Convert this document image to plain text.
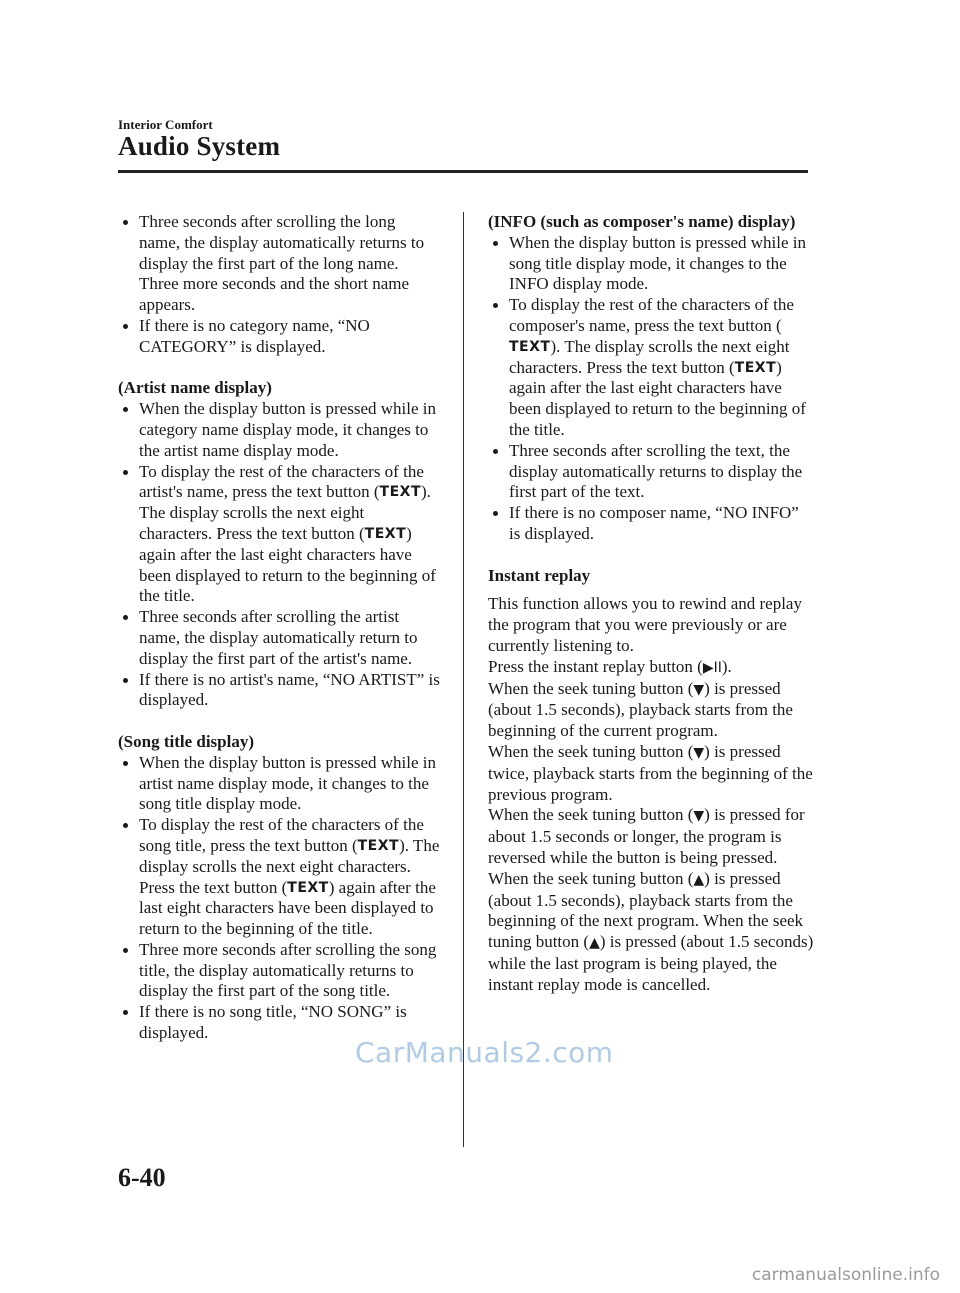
Interior Comfort
Audio System
Three seconds after scrolling the long name, the display automatically returns to display the first part of the long name. Three more seconds and the short name appears.
If there is no category name, “NO CATEGORY” is displayed.
(Artist name display)
When the display button is pressed while in category name display mode, it changes to the artist name display mode.
To display the rest of the characters of the artist's name, press the text button (TEXT). The display scrolls the next eight characters. Press the text button (TEXT) again after the last eight characters have been displayed to return to the beginning of the title.
Three seconds after scrolling the artist name, the display automatically return to display the first part of the artist's name.
If there is no artist's name, “NO ARTIST” is displayed.
(Song title display)
When the display button is pressed while in artist name display mode, it changes to the song title display mode.
To display the rest of the characters of the song title, press the text button (TEXT). The display scrolls the next eight characters. Press the text button (TEXT) again after the last eight characters have been displayed to return to the beginning of the title.
Three more seconds after scrolling the song title, the display automatically returns to display the first part of the song title.
If there is no song title, “NO SONG” is displayed.
(INFO (such as composer's name) display)
When the display button is pressed while in song title display mode, it changes to the INFO display mode.
To display the rest of the characters of the composer's name, press the text button (TEXT). The display scrolls the next eight characters. Press the text button (TEXT) again after the last eight characters have been displayed to return to the beginning of the title.
Three seconds after scrolling the text, the display automatically returns to display the first part of the text.
If there is no composer name, “NO INFO” is displayed.
Instant replay

This function allows you to rewind and replay the program that you were previously or are currently listening to.

Press the instant replay button (▶II).

When the seek tuning button (▼) is pressed (about 1.5 seconds), playback starts from the beginning of the current program.

When the seek tuning button (▼) is pressed twice, playback starts from the beginning of the previous program.

When the seek tuning button (▼) is pressed for about 1.5 seconds or longer, the program is reversed while the button is being pressed.

When the seek tuning button (▲) is pressed (about 1.5 seconds), playback starts from the beginning of the next program. When the seek tuning button (▲) is pressed (about 1.5 seconds) while the last program is being played, the instant replay mode is cancelled.

CarManuals2.com
6-40
carmanualsonline.info
